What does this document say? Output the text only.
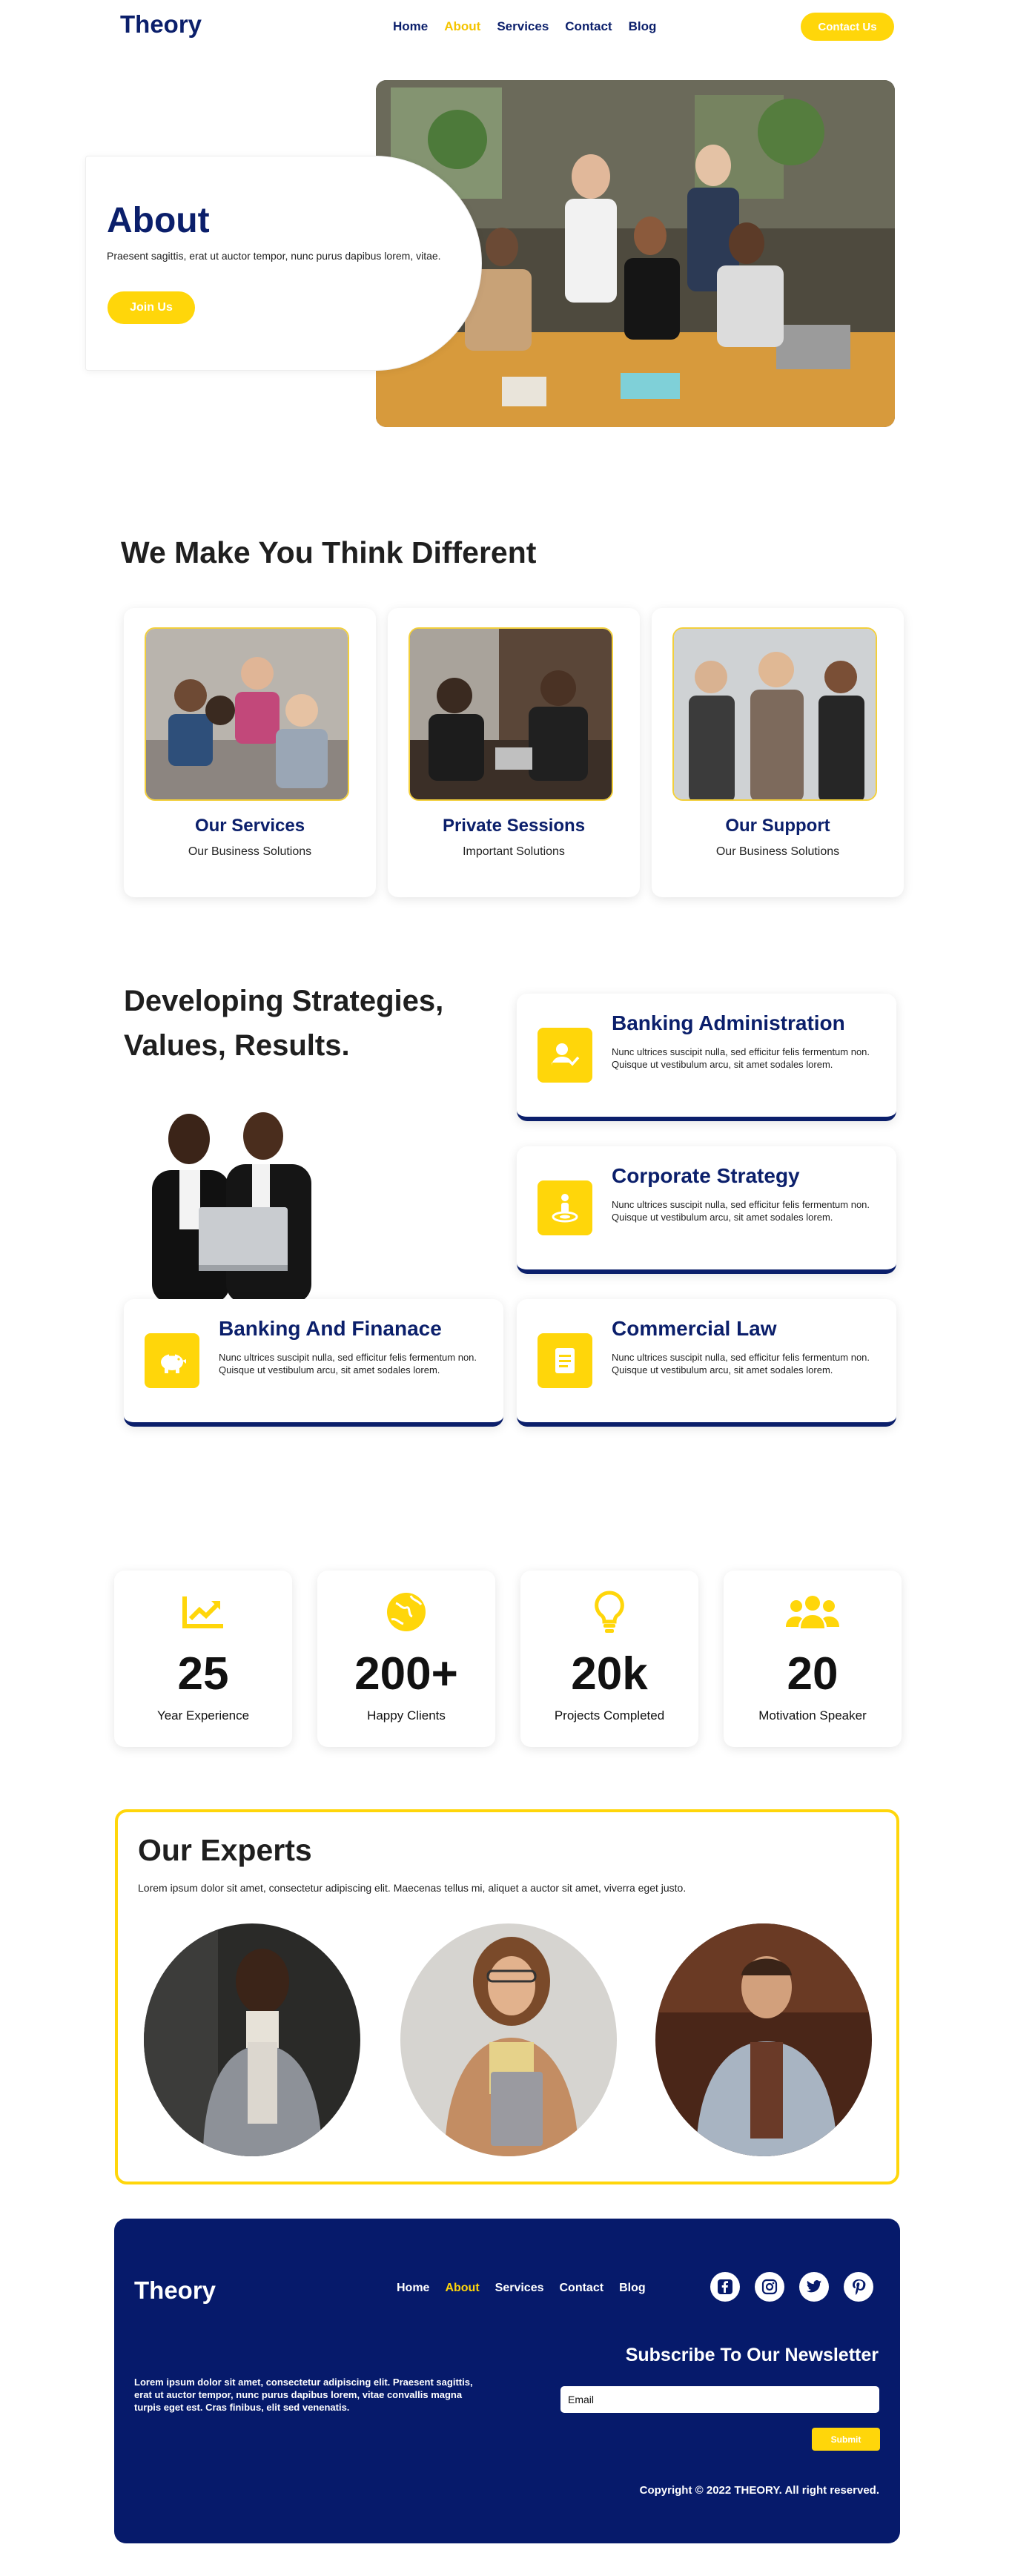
Theory	Home About Services Contact Blog	Contact Us
About

Praesent sagittis, erat ut auctor tempor, nunc purus dapibus lorem, vitae.

Join Us
We Make You Think Different
Our Services
Our Business Solutions
Private Sessions
Important Solutions
Our Support
Our Business Solutions
Developing Strategies, Values, Results.
Banking Administration
Nunc ultrices suscipit nulla, sed efficitur felis fermentum non. Quisque ut vestibulum arcu, sit amet sodales lorem.
Corporate Strategy
Nunc ultrices suscipit nulla, sed efficitur felis fermentum non. Quisque ut vestibulum arcu, sit amet sodales lorem.
Banking And Finanace
Nunc ultrices suscipit nulla, sed efficitur felis fermentum non. Quisque ut vestibulum arcu, sit amet sodales lorem.
Commercial Law
Nunc ultrices suscipit nulla, sed efficitur felis fermentum non. Quisque ut vestibulum arcu, sit amet sodales lorem.
25
Year Experience
200+
Happy Clients
20k
Projects Completed
20
Motivation Speaker
Our Experts

Lorem ipsum dolor sit amet, consectetur adipiscing elit. Maecenas tellus mi, aliquet a auctor sit amet, viverra eget justo.

Theory	Home About Services Contact Blog

Lorem ipsum dolor sit amet, consectetur adipiscing elit. Praesent sagittis, erat ut auctor tempor, nunc purus dapibus lorem, vitae convallis magna turpis eget est. Cras finibus, elit sed venenatis.

Subscribe To Our Newsletter
Email
Submit
Copyright © 2022 THEORY. All right reserved.
